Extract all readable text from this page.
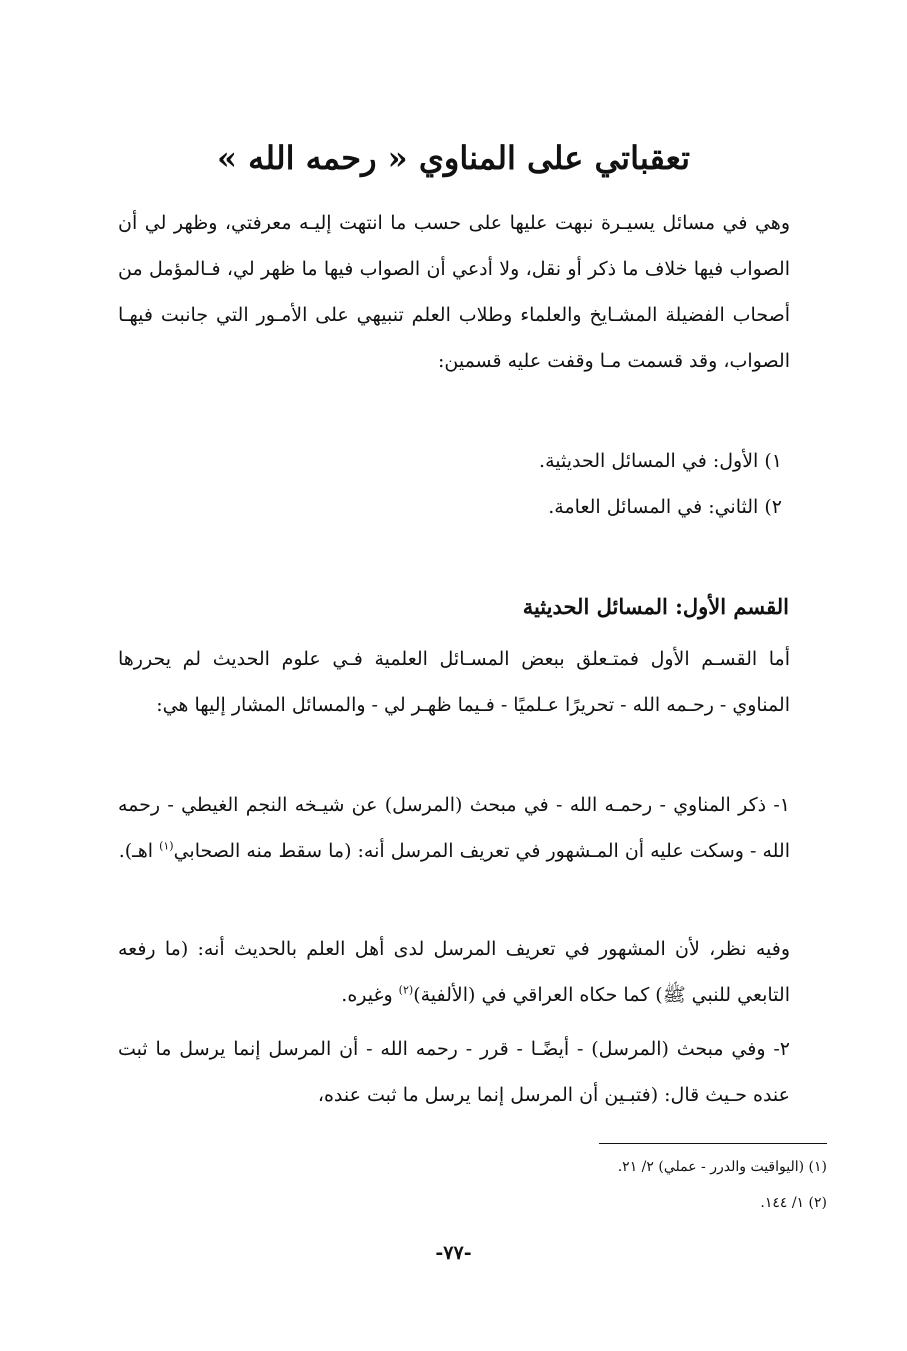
تعقباتي على المناوي « رحمه الله »

وهي في مسائل يسيـرة نبهت عليها على حسب ما انتهت إليـه معرفتي، وظهر لي أن الصواب فيها خلاف ما ذكر أو نقل، ولا أدعي أن الصواب فيها ما ظهر لي، فـالمؤمل من أصحاب الفضيلة المشـايخ والعلماء وطلاب العلم تنبيهي على الأمـور التي جانبت فيهـا الصواب، وقد قسمت مـا وقفت عليه قسمين:

١) الأول: في المسائل الحديثية.

٢) الثاني: في المسائل العامة.

القسم الأول: المسائل الحديثية

أما القسـم الأول فمتـعلق ببعض المسـائل العلمية فـي علوم الحديث لم يحررها المناوي - رحـمه الله - تحريرًا عـلميًا - فـيما ظهـر لي - والمسائل المشار إليها هي:

١- ذكر المناوي - رحمـه الله - في مبحث (المرسل) عن شيـخه النجم الغيطي - رحمه الله - وسكت عليه أن المـشهور في تعريف المرسل أنه: (ما سقط منه الصحابي$^{(١)}$ اهـ).

وفيه نظر، لأن المشهور في تعريف المرسل لدى أهل العلم بالحديث أنه: (ما رفعه التابعي للنبي ﷺ) كما حكاه العراقي في (الألفية)$^{(٢)}$ وغيره.

٢- وفي مبحث (المرسل) - أيضًـا - قرر - رحمه الله - أن المرسل إنما يرسل ما ثبت عنده حـيث قال: (فتبـين أن المرسل إنما يرسل ما ثبت عنده،

(١) (اليواقيت والدرر - عملي) ٢/ ٢١.

(٢) ١/ ١٤٤.

-٧٧-
